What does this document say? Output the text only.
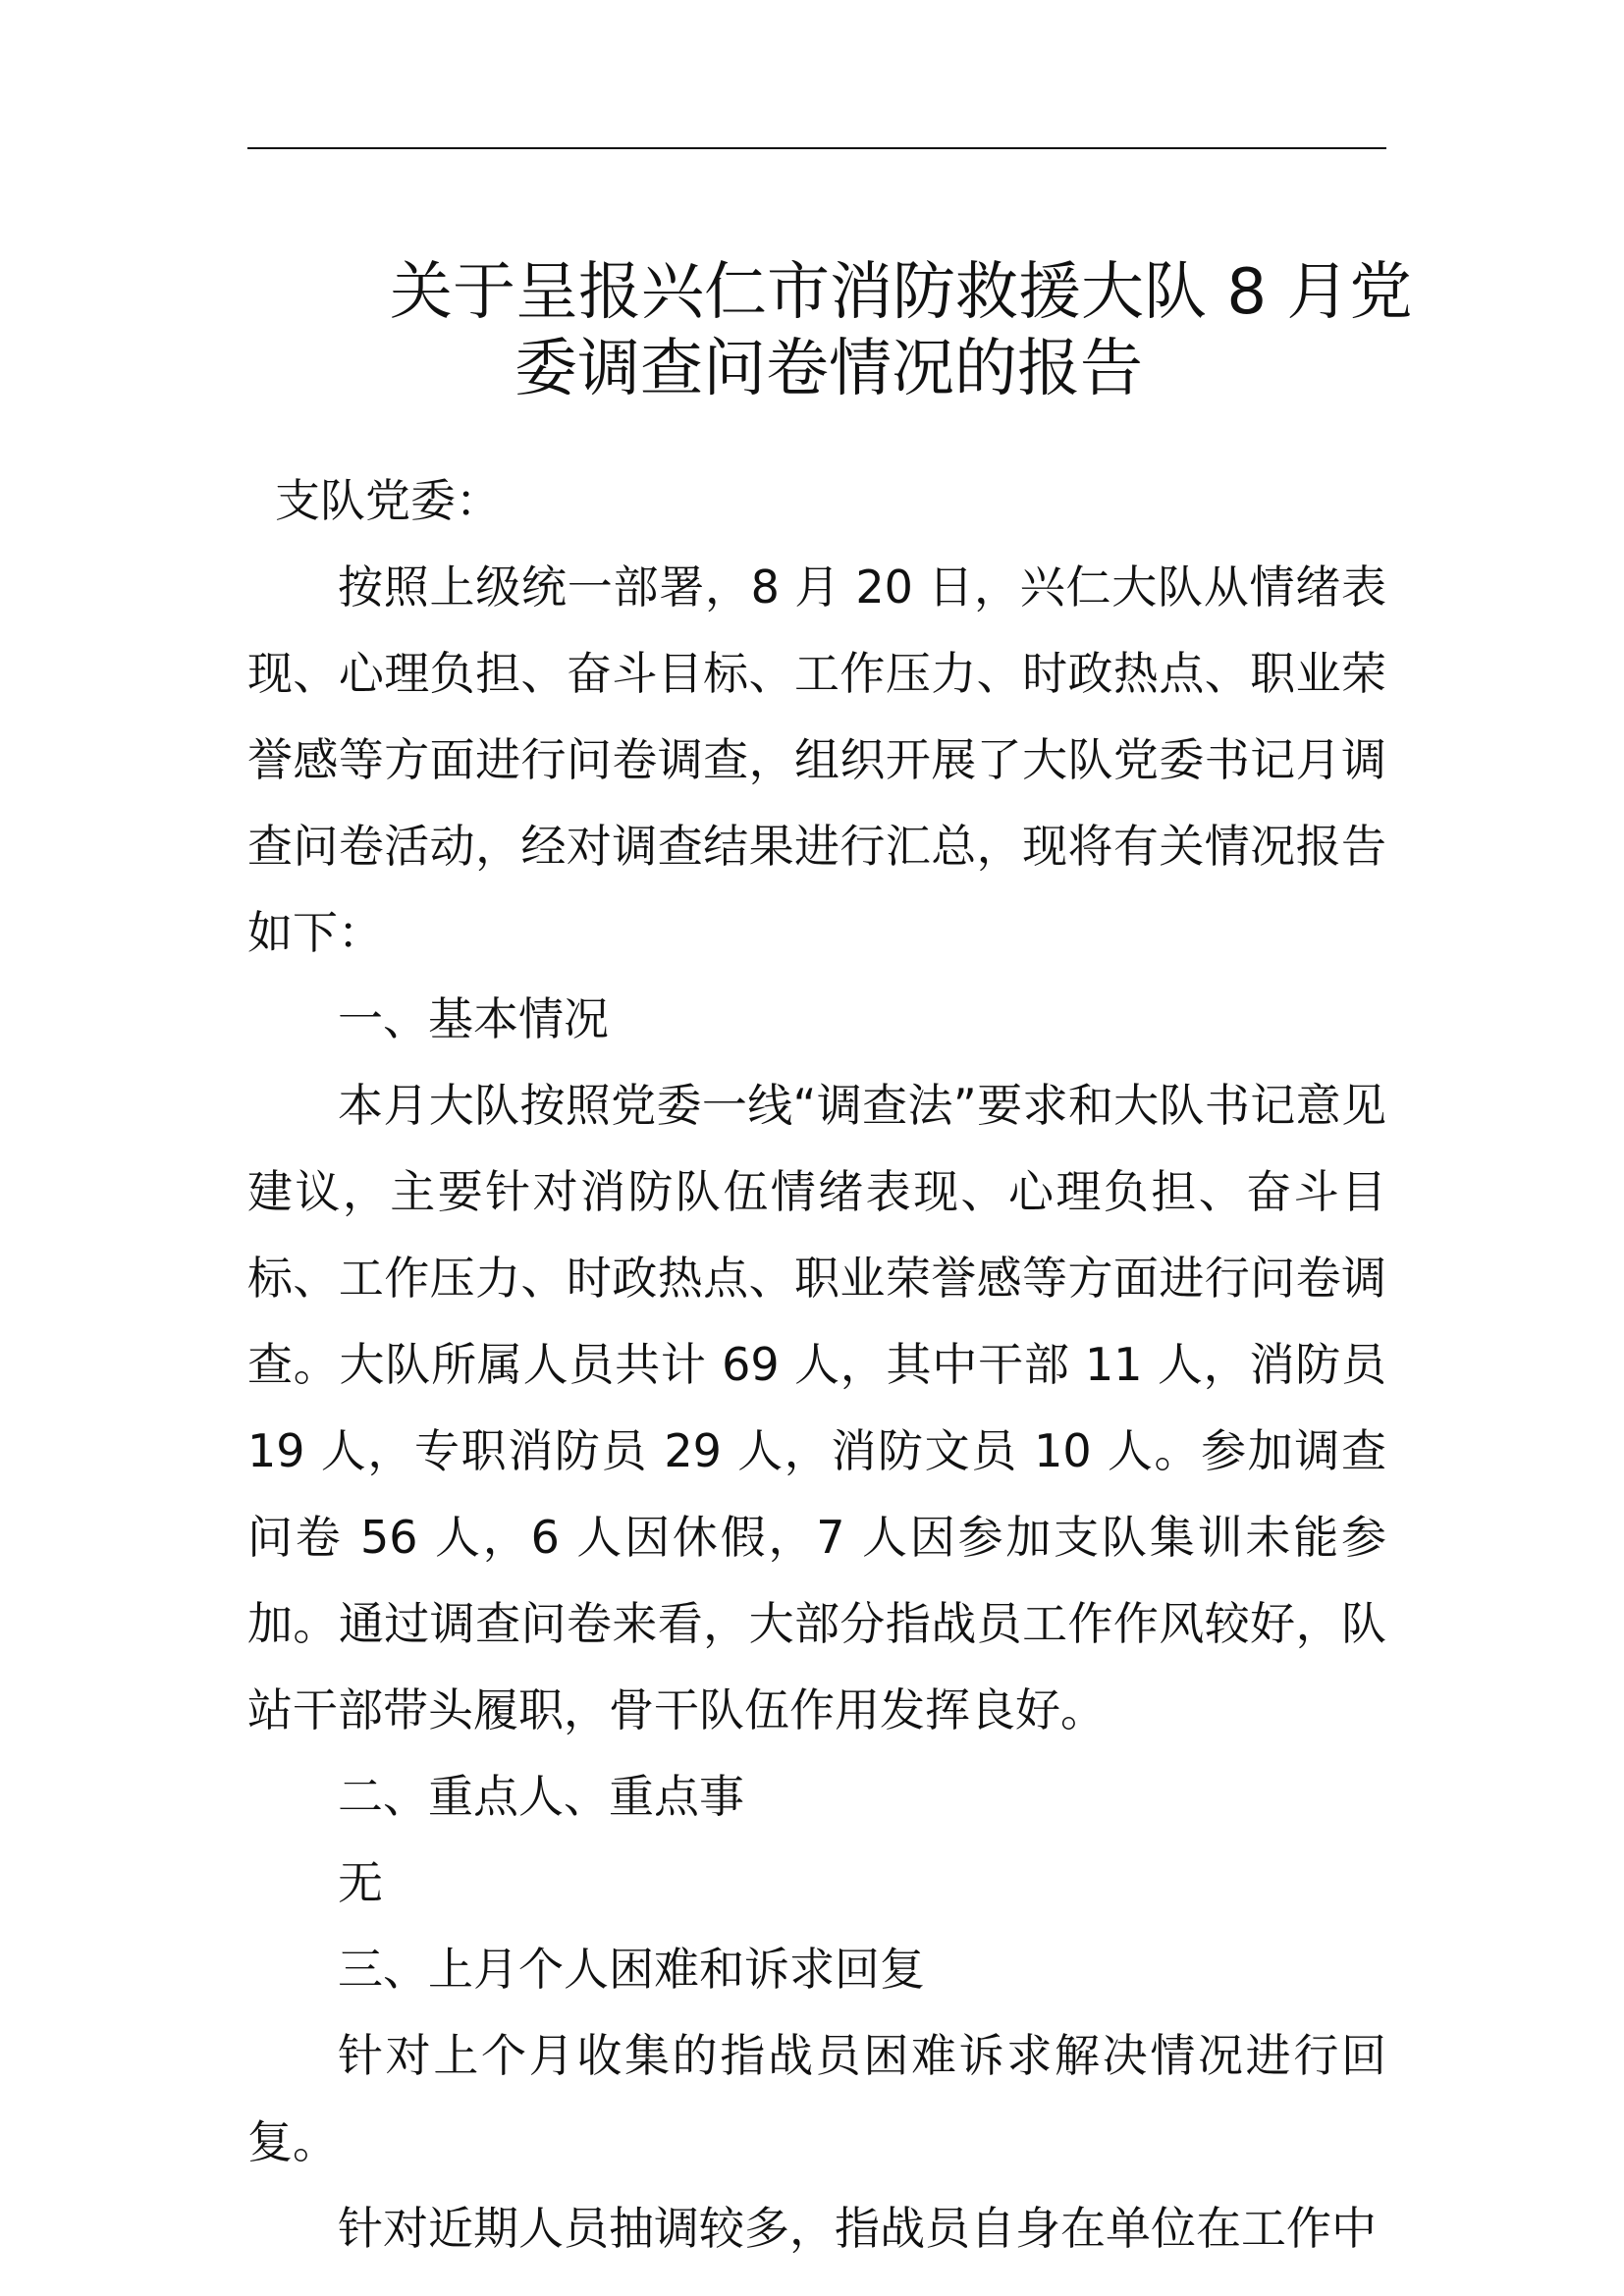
关于呈报兴仁市消防救援大队 8 月党
委调查问卷情况的报告

支队党委：

按照上级统一部署，8 月 20 日，兴仁大队从情绪表现、心理负担、奋斗目标、工作压力、时政热点、职业荣誉感等方面进行问卷调查，组织开展了大队党委书记月调查问卷活动，经对调查结果进行汇总，现将有关情况报告如下：

一、基本情况

本月大队按照党委一线“调查法”要求和大队书记意见建议，主要针对消防队伍情绪表现、心理负担、奋斗目标、工作压力、时政热点、职业荣誉感等方面进行问卷调查。大队所属人员共计 69 人，其中干部 11 人，消防员 19 人，专职消防员 29 人，消防文员 10 人。参加调查问卷 56 人，6 人因休假，7 人因参加支队集训未能参加。通过调查问卷来看，大部分指战员工作作风较好，队站干部带头履职，骨干队伍作用发挥良好。

二、重点人、重点事

无

三、上月个人困难和诉求回复

针对上个月收集的指战员困难诉求解决情况进行回复。

针对近期人员抽调较多，指战员自身在单位在工作中
